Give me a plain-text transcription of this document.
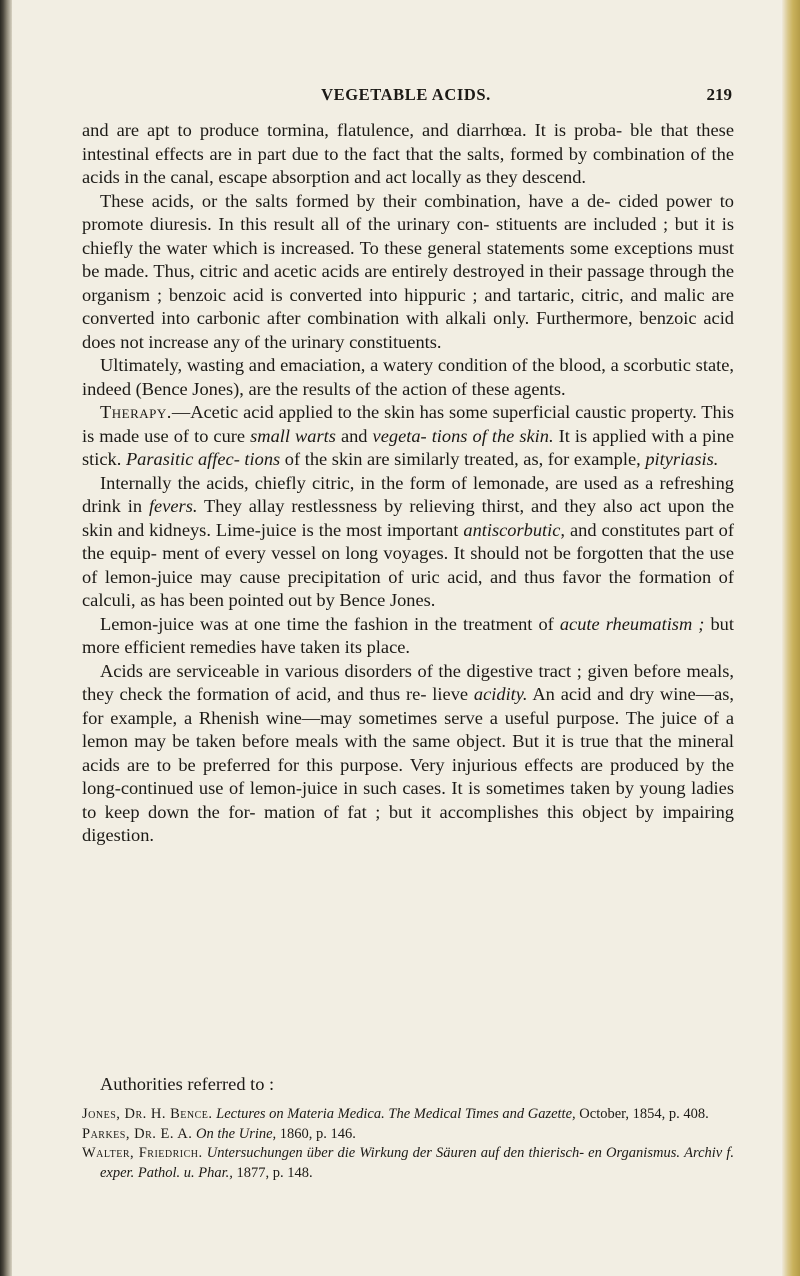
VEGETABLE ACIDS.	219

and are apt to produce tormina, flatulence, and diarrhœa. It is proba- ble that these intestinal effects are in part due to the fact that the salts, formed by combination of the acids in the canal, escape absorption and act locally as they descend.

These acids, or the salts formed by their combination, have a de- cided power to promote diuresis. In this result all of the urinary con- stituents are included ; but it is chiefly the water which is increased. To these general statements some exceptions must be made. Thus, citric and acetic acids are entirely destroyed in their passage through the organism ; benzoic acid is converted into hippuric ; and tartaric, citric, and malic are converted into carbonic after combination with alkali only. Furthermore, benzoic acid does not increase any of the urinary constituents.

Ultimately, wasting and emaciation, a watery condition of the blood, a scorbutic state, indeed (Bence Jones), are the results of the action of these agents.

Therapy.—Acetic acid applied to the skin has some superficial caustic property. This is made use of to cure small warts and vegeta- tions of the skin. It is applied with a pine stick. Parasitic affec- tions of the skin are similarly treated, as, for example, pityriasis.

Internally the acids, chiefly citric, in the form of lemonade, are used as a refreshing drink in fevers. They allay restlessness by relieving thirst, and they also act upon the skin and kidneys. Lime-juice is the most important antiscorbutic, and constitutes part of the equip- ment of every vessel on long voyages. It should not be forgotten that the use of lemon-juice may cause precipitation of uric acid, and thus favor the formation of calculi, as has been pointed out by Bence Jones.

Lemon-juice was at one time the fashion in the treatment of acute rheumatism ; but more efficient remedies have taken its place.

Acids are serviceable in various disorders of the digestive tract ; given before meals, they check the formation of acid, and thus re- lieve acidity. An acid and dry wine—as, for example, a Rhenish wine—may sometimes serve a useful purpose. The juice of a lemon may be taken before meals with the same object. But it is true that the mineral acids are to be preferred for this purpose. Very injurious effects are produced by the long-continued use of lemon-juice in such cases. It is sometimes taken by young ladies to keep down the for- mation of fat ; but it accomplishes this object by impairing digestion.

Authorities referred to :

Jones, Dr. H. Bence. Lectures on Materia Medica. The Medical Times and Gazette, October, 1854, p. 408.

Parkes, Dr. E. A. On the Urine, 1860, p. 146.

Walter, Friedrich. Untersuchungen über die Wirkung der Säuren auf den thierisch- en Organismus. Archiv f. exper. Pathol. u. Phar., 1877, p. 148.
